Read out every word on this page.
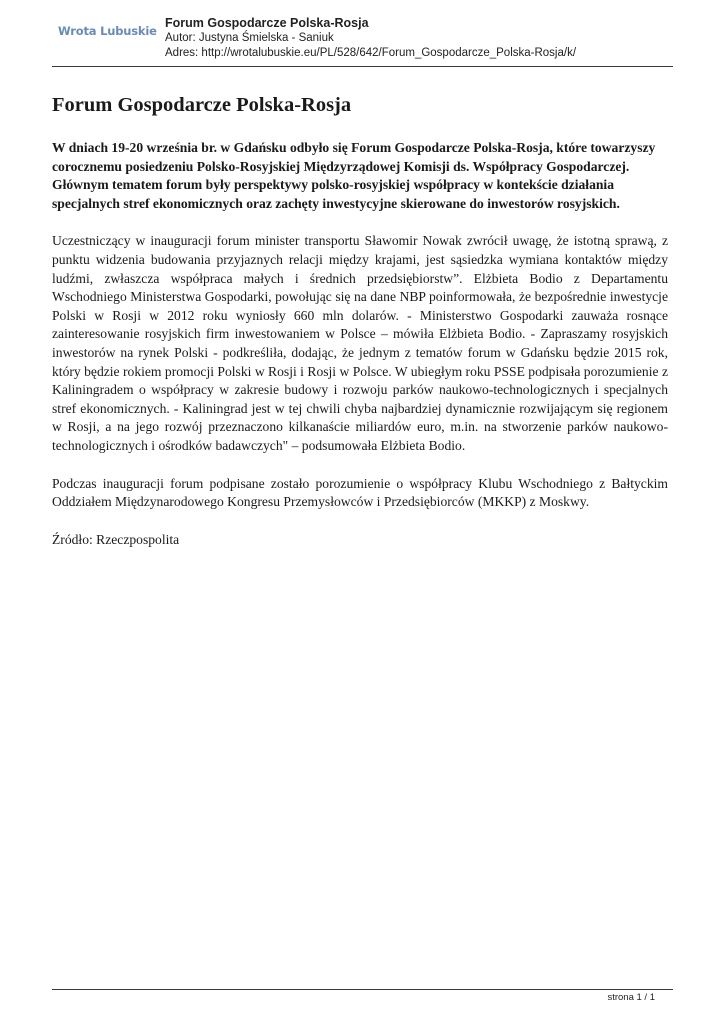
Wrota Lubuskie
Forum Gospodarcze Polska-Rosja
Autor: Justyna Śmielska - Saniuk
Adres: http://wrotalubuskie.eu/PL/528/642/Forum_Gospodarcze_Polska-Rosja/k/
Forum Gospodarcze Polska-Rosja

W dniach 19-20 września br. w Gdańsku odbyło się Forum Gospodarcze Polska-Rosja, które towarzyszy corocznemu posiedzeniu Polsko-Rosyjskiej Międzyrządowej Komisji ds. Współpracy Gospodarczej. Głównym tematem forum były perspektywy polsko-rosyjskiej współpracy w kontekście działania specjalnych stref ekonomicznych oraz zachęty inwestycyjne skierowane do inwestorów rosyjskich.

Uczestniczący w inauguracji forum minister transportu Sławomir Nowak zwrócił uwagę, że istotną sprawą, z punktu widzenia budowania przyjaznych relacji między krajami, jest sąsiedzka wymiana kontaktów między ludźmi, zwłaszcza współpraca małych i średnich przedsiębiorstw”. Elżbieta Bodio z Departamentu Wschodniego Ministerstwa Gospodarki, powołując się na dane NBP poinformowała, że bezpośrednie inwestycje Polski w Rosji w 2012 roku wyniosły 660 mln dolarów. - Ministerstwo Gospodarki zauważa rosnące zainteresowanie rosyjskich firm inwestowaniem w Polsce – mówiła Elżbieta Bodio. - Zapraszamy rosyjskich inwestorów na rynek Polski - podkreśliła, dodając, że jednym z tematów forum w Gdańsku będzie 2015 rok, który będzie rokiem promocji Polski w Rosji i Rosji w Polsce. W ubiegłym roku PSSE podpisała porozumienie z Kaliningradem o współpracy w zakresie budowy i rozwoju parków naukowo-technologicznych i specjalnych stref ekonomicznych. - Kaliningrad jest w tej chwili chyba najbardziej dynamicznie rozwijającym się regionem w Rosji, a na jego rozwój przeznaczono kilkanaście miliardów euro, m.in. na stworzenie parków naukowo-technologicznych i ośrodków badawczych" – podsumowała Elżbieta Bodio.

Podczas inauguracji forum podpisane zostało porozumienie o współpracy Klubu Wschodniego z Bałtyckim Oddziałem Międzynarodowego Kongresu Przemysłowców i Przedsiębiorców (MKKP) z Moskwy.

Źródło: Rzeczpospolita

strona 1 / 1
